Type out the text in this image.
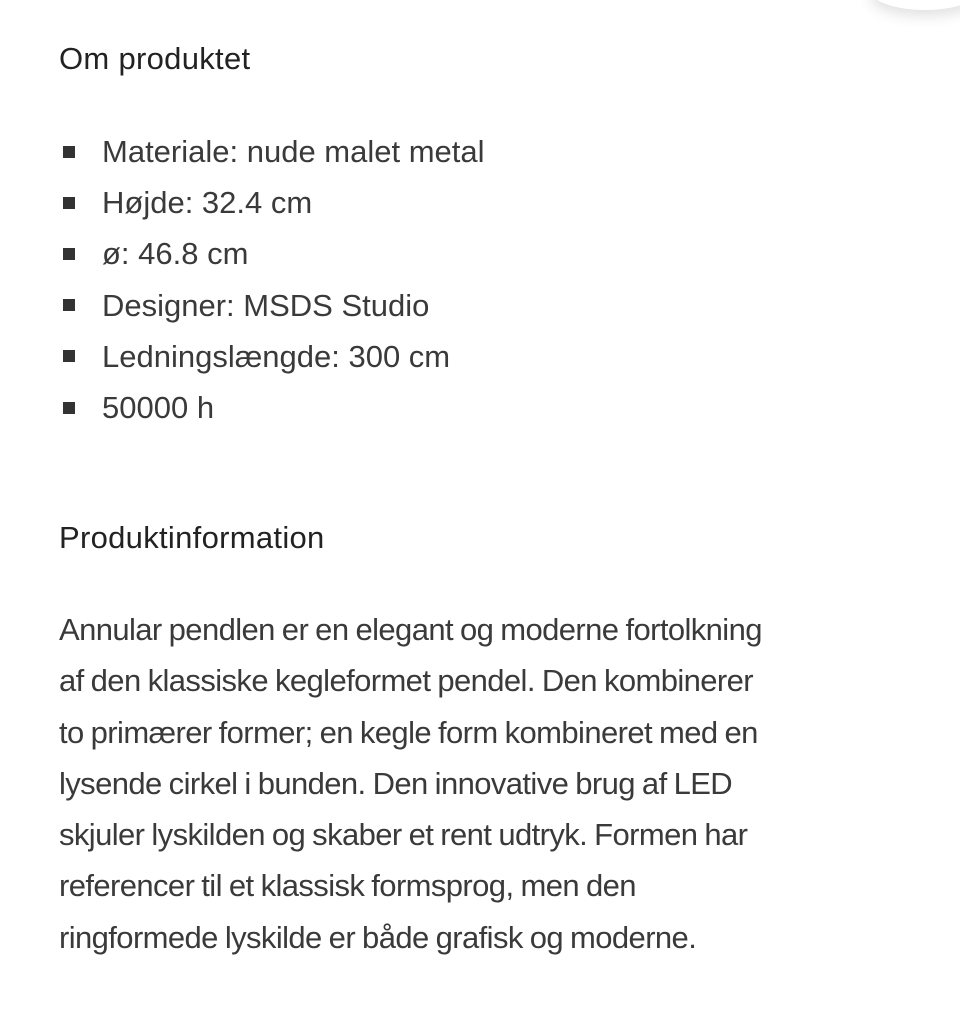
Om produktet
Materiale: nude malet metal
Højde: 32.4 cm
ø: 46.8 cm
Designer: MSDS Studio
Ledningslængde: 300 cm
50000 h
Produktinformation

Annular pendlen er en elegant og moderne fortolkning
af den klassiske kegleformet pendel. Den kombinerer
to primærer former; en kegle form kombineret med en
lysende cirkel i bunden. Den innovative brug af LED
skjuler lyskilden og skaber et rent udtryk. Formen har
referencer til et klassisk formsprog, men den
ringformede lyskilde er både grafisk og moderne.
